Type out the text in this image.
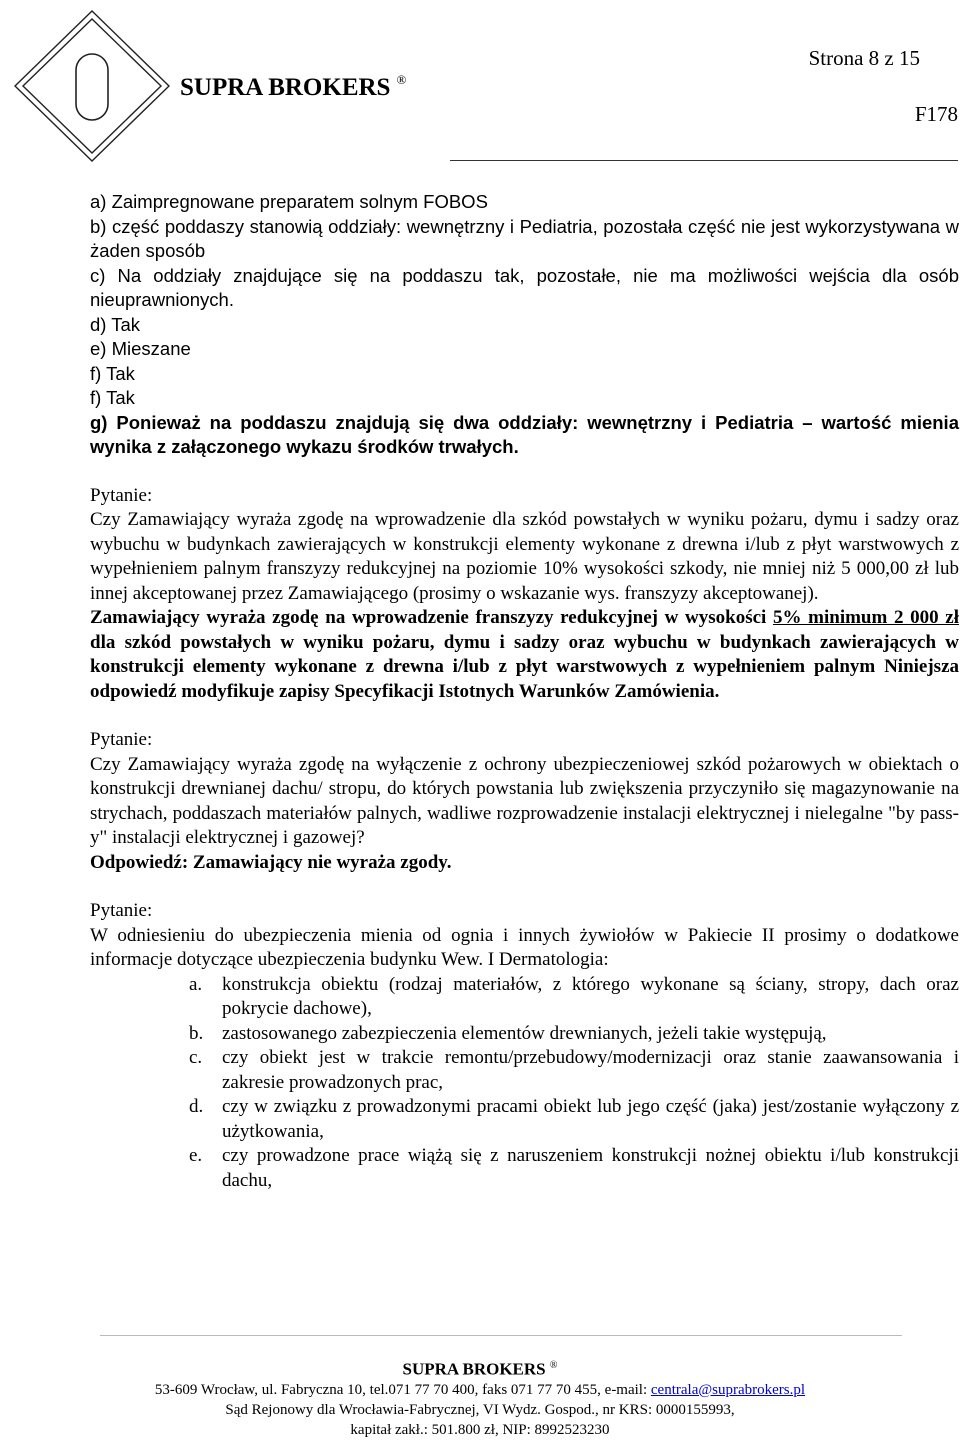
SUPRA BROKERS ®
Strona 8 z 15
F178

a) Zaimpregnowane preparatem solnym FOBOS

b) część poddaszy stanowią oddziały: wewnętrzny i Pediatria, pozostała część nie jest wykorzystywana w żaden sposób

c) Na oddziały znajdujące się na poddaszu tak, pozostałe, nie ma możliwości wejścia dla osób nieuprawnionych.

d) Tak

e) Mieszane

f) Tak

f) Tak

g) Ponieważ na poddaszu znajdują się dwa oddziały: wewnętrzny i Pediatria – wartość mienia wynika z załączonego wykazu środków trwałych.

Pytanie:

Czy Zamawiający wyraża zgodę na wprowadzenie dla szkód powstałych w wyniku pożaru, dymu i sadzy oraz wybuchu w budynkach zawierających w konstrukcji elementy wykonane z drewna i/lub z płyt warstwowych z wypełnieniem palnym franszyzy redukcyjnej na poziomie 10% wysokości szkody, nie mniej niż 5 000,00 zł lub innej akceptowanej przez Zamawiającego (prosimy o wskazanie wys. franszyzy akceptowanej).

Zamawiający wyraża zgodę na wprowadzenie franszyzy redukcyjnej w wysokości 5% minimum 2 000 zł dla szkód powstałych w wyniku pożaru, dymu i sadzy oraz wybuchu w budynkach zawierających w konstrukcji elementy wykonane z drewna i/lub z płyt warstwowych z wypełnieniem palnym Niniejsza odpowiedź modyfikuje zapisy Specyfikacji Istotnych Warunków Zamówienia.

Pytanie:

Czy Zamawiający wyraża zgodę na wyłączenie z ochrony ubezpieczeniowej szkód pożarowych w obiektach o konstrukcji drewnianej dachu/ stropu, do których powstania lub zwiększenia przyczyniło się magazynowanie na strychach, poddaszach materiałów palnych, wadliwe rozprowadzenie instalacji elektrycznej i nielegalne "by pass-y" instalacji elektrycznej i gazowej?

Odpowiedź: Zamawiający nie wyraża zgody.

Pytanie:

W odniesieniu do ubezpieczenia mienia od ognia i innych żywiołów w Pakiecie II prosimy o dodatkowe informacje dotyczące ubezpieczenia budynku Wew. I Dermatologia:

a. konstrukcja obiektu (rodzaj materiałów, z którego wykonane są ściany, stropy, dach oraz pokrycie dachowe),
b. zastosowanego zabezpieczenia elementów drewnianych, jeżeli takie występują,
c. czy obiekt jest w trakcie remontu/przebudowy/modernizacji oraz stanie zaawansowania i zakresie prowadzonych prac,
d. czy w związku z prowadzonymi pracami obiekt lub jego część (jaka) jest/zostanie wyłączony z użytkowania,
e. czy prowadzone prace wiążą się z naruszeniem konstrukcji nożnej obiektu i/lub konstrukcji dachu,
SUPRA BROKERS ®
53-609 Wrocław, ul. Fabryczna 10, tel.071 77 70 400, faks 071 77 70 455, e-mail: centrala@suprabrokers.pl
Sąd Rejonowy dla Wrocławia-Fabrycznej, VI Wydz. Gospod., nr KRS: 0000155993,
kapitał zakł.: 501.800 zł, NIP: 8992523230
